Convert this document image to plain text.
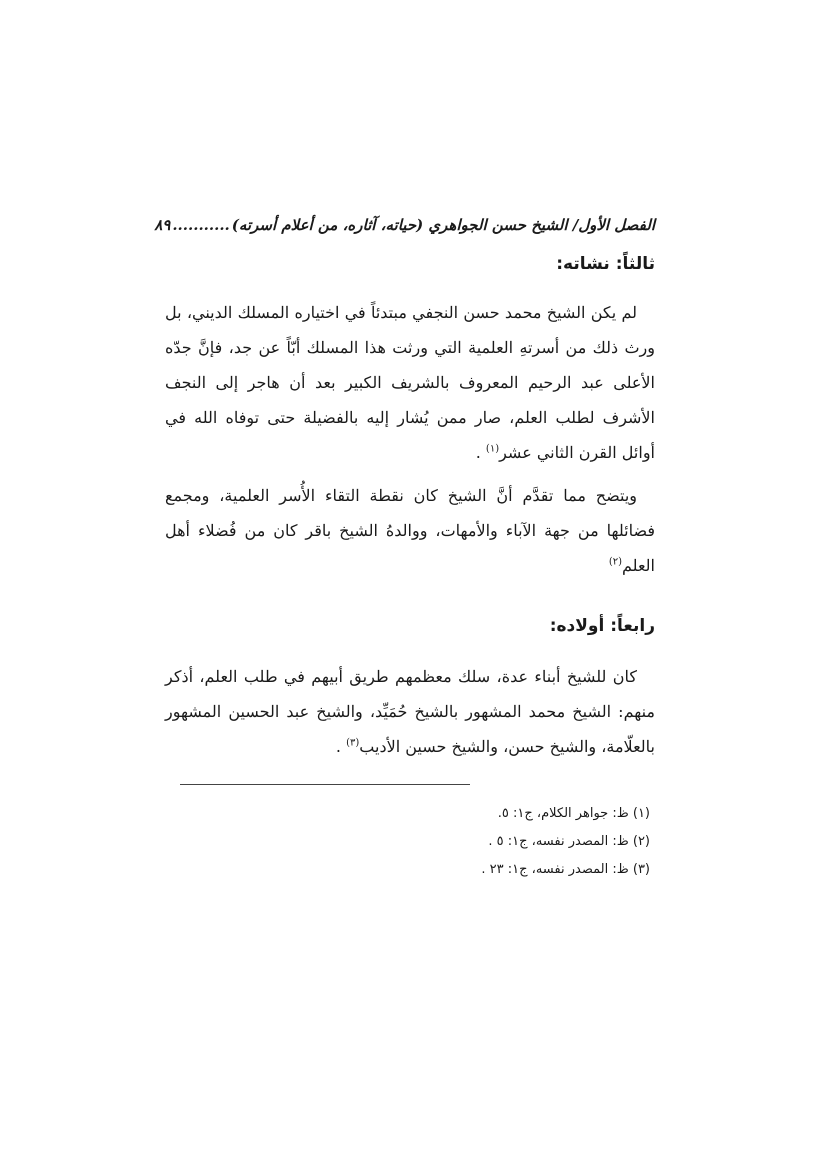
الفصل الأول/ الشيخ حسن الجواهري (حياته، آثاره، من أعلام أسرته)
...........
٨٩
ثالثاً: نشاته:

لم يكن الشيخ محمد حسن النجفي مبتدئاً في اختياره المسلك الديني، بل ورث ذلك من أسرتهِ العلمية التي ورثت هذا المسلك أبّاً عن جد، فإنَّ جدّه الأعلى عبد الرحيم المعروف بالشريف الكبير بعد أن هاجر إلى النجف الأشرف لطلب العلم، صار ممن يُشار إليه بالفضيلة حتى توفاه الله في أوائل القرن الثاني عشر$^{(١)}$ .

ويتضح مما تقدَّم أنَّ الشيخ كان نقطة التقاء الأُسر العلمية، ومجمع فضائلها من جهة الآباء والأمهات، ووالدهُ الشيخ باقر كان من فُضلاء أهل العلم$^{(٢)}$

رابعاً: أولاده:

كان للشيخ أبناء عدة، سلك معظمهم طريق أبيهم في طلب العلم، أذكر منهم: الشيخ محمد المشهور بالشيخ حُمَيِّد، والشيخ عبد الحسين المشهور بالعلّامة، والشيخ حسن، والشيخ حسين الأديب$^{(٣)}$ .

(١) ظ: جواهر الكلام، ج١: ٥.

(٢) ظ: المصدر نفسه، ج١: ٥ .

(٣) ظ: المصدر نفسه، ج١: ٢٣ .
